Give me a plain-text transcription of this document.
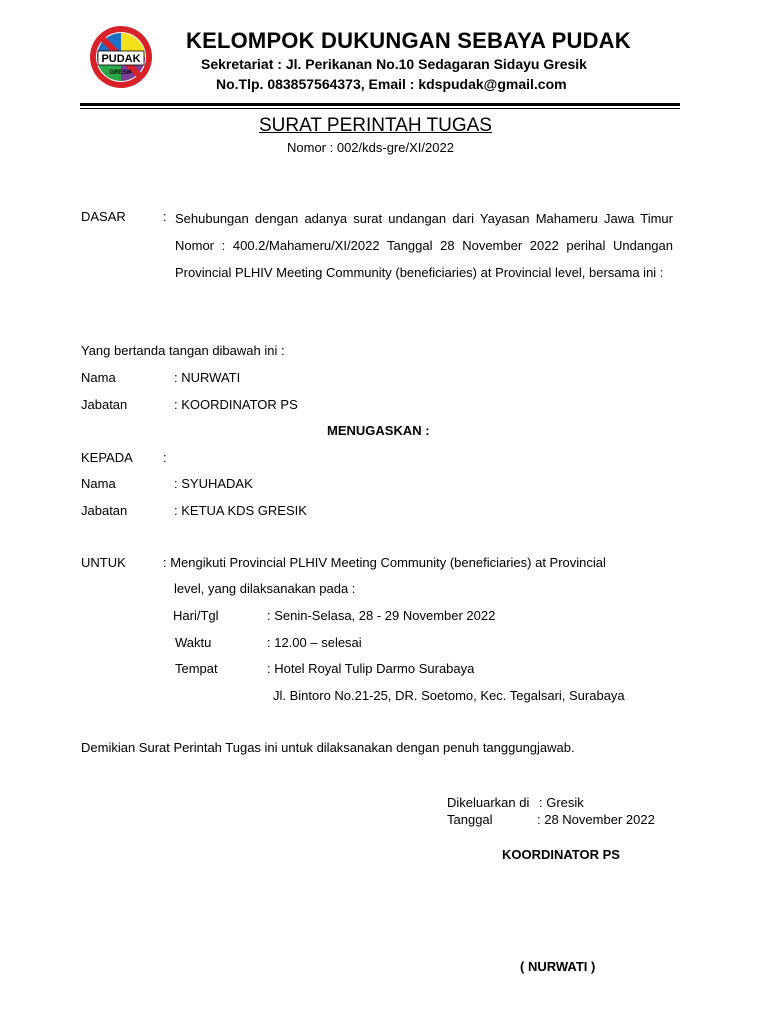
PUDAK
GRESIK
KELOMPOK DUKUNGAN SEBAYA PUDAK
Sekretariat : Jl. Perikanan No.10 Sedagaran Sidayu Gresik
No.Tlp. 083857564373, Email : kdspudak@gmail.com
SURAT PERINTAH TUGAS
Nomor : 002/kds-gre/XI/2022
DASAR	: Sehubungan dengan adanya surat undangan dari Yayasan Mahameru Jawa Timur Nomor : 400.2/Mahameru/XI/2022 Tanggal 28 November 2022 perihal Undangan Provincial PLHIV Meeting Community (beneficiaries) at Provincial level, bersama ini :
Yang bertanda tangan dibawah ini :
Nama	: NURWATI
Jabatan	: KOORDINATOR PS
MENUGASKAN :
KEPADA :
Nama	: SYUHADAK
Jabatan	: KETUA KDS GRESIK
UNTUK	: Mengikuti Provincial PLHIV Meeting Community (beneficiaries) at Provincial
level, yang dilaksanakan pada :
Hari/Tgl	: Senin-Selasa, 28 - 29 November 2022
Waktu	: 12.00 – selesai
Tempat	: Hotel Royal Tulip Darmo Surabaya
Jl. Bintoro No.21-25, DR. Soetomo, Kec. Tegalsari, Surabaya
Demikian Surat Perintah Tugas ini untuk dilaksanakan dengan penuh tanggungjawab.
Dikeluarkan di : Gresik
Tanggal	: 28 November 2022
KOORDINATOR PS
( NURWATI )
